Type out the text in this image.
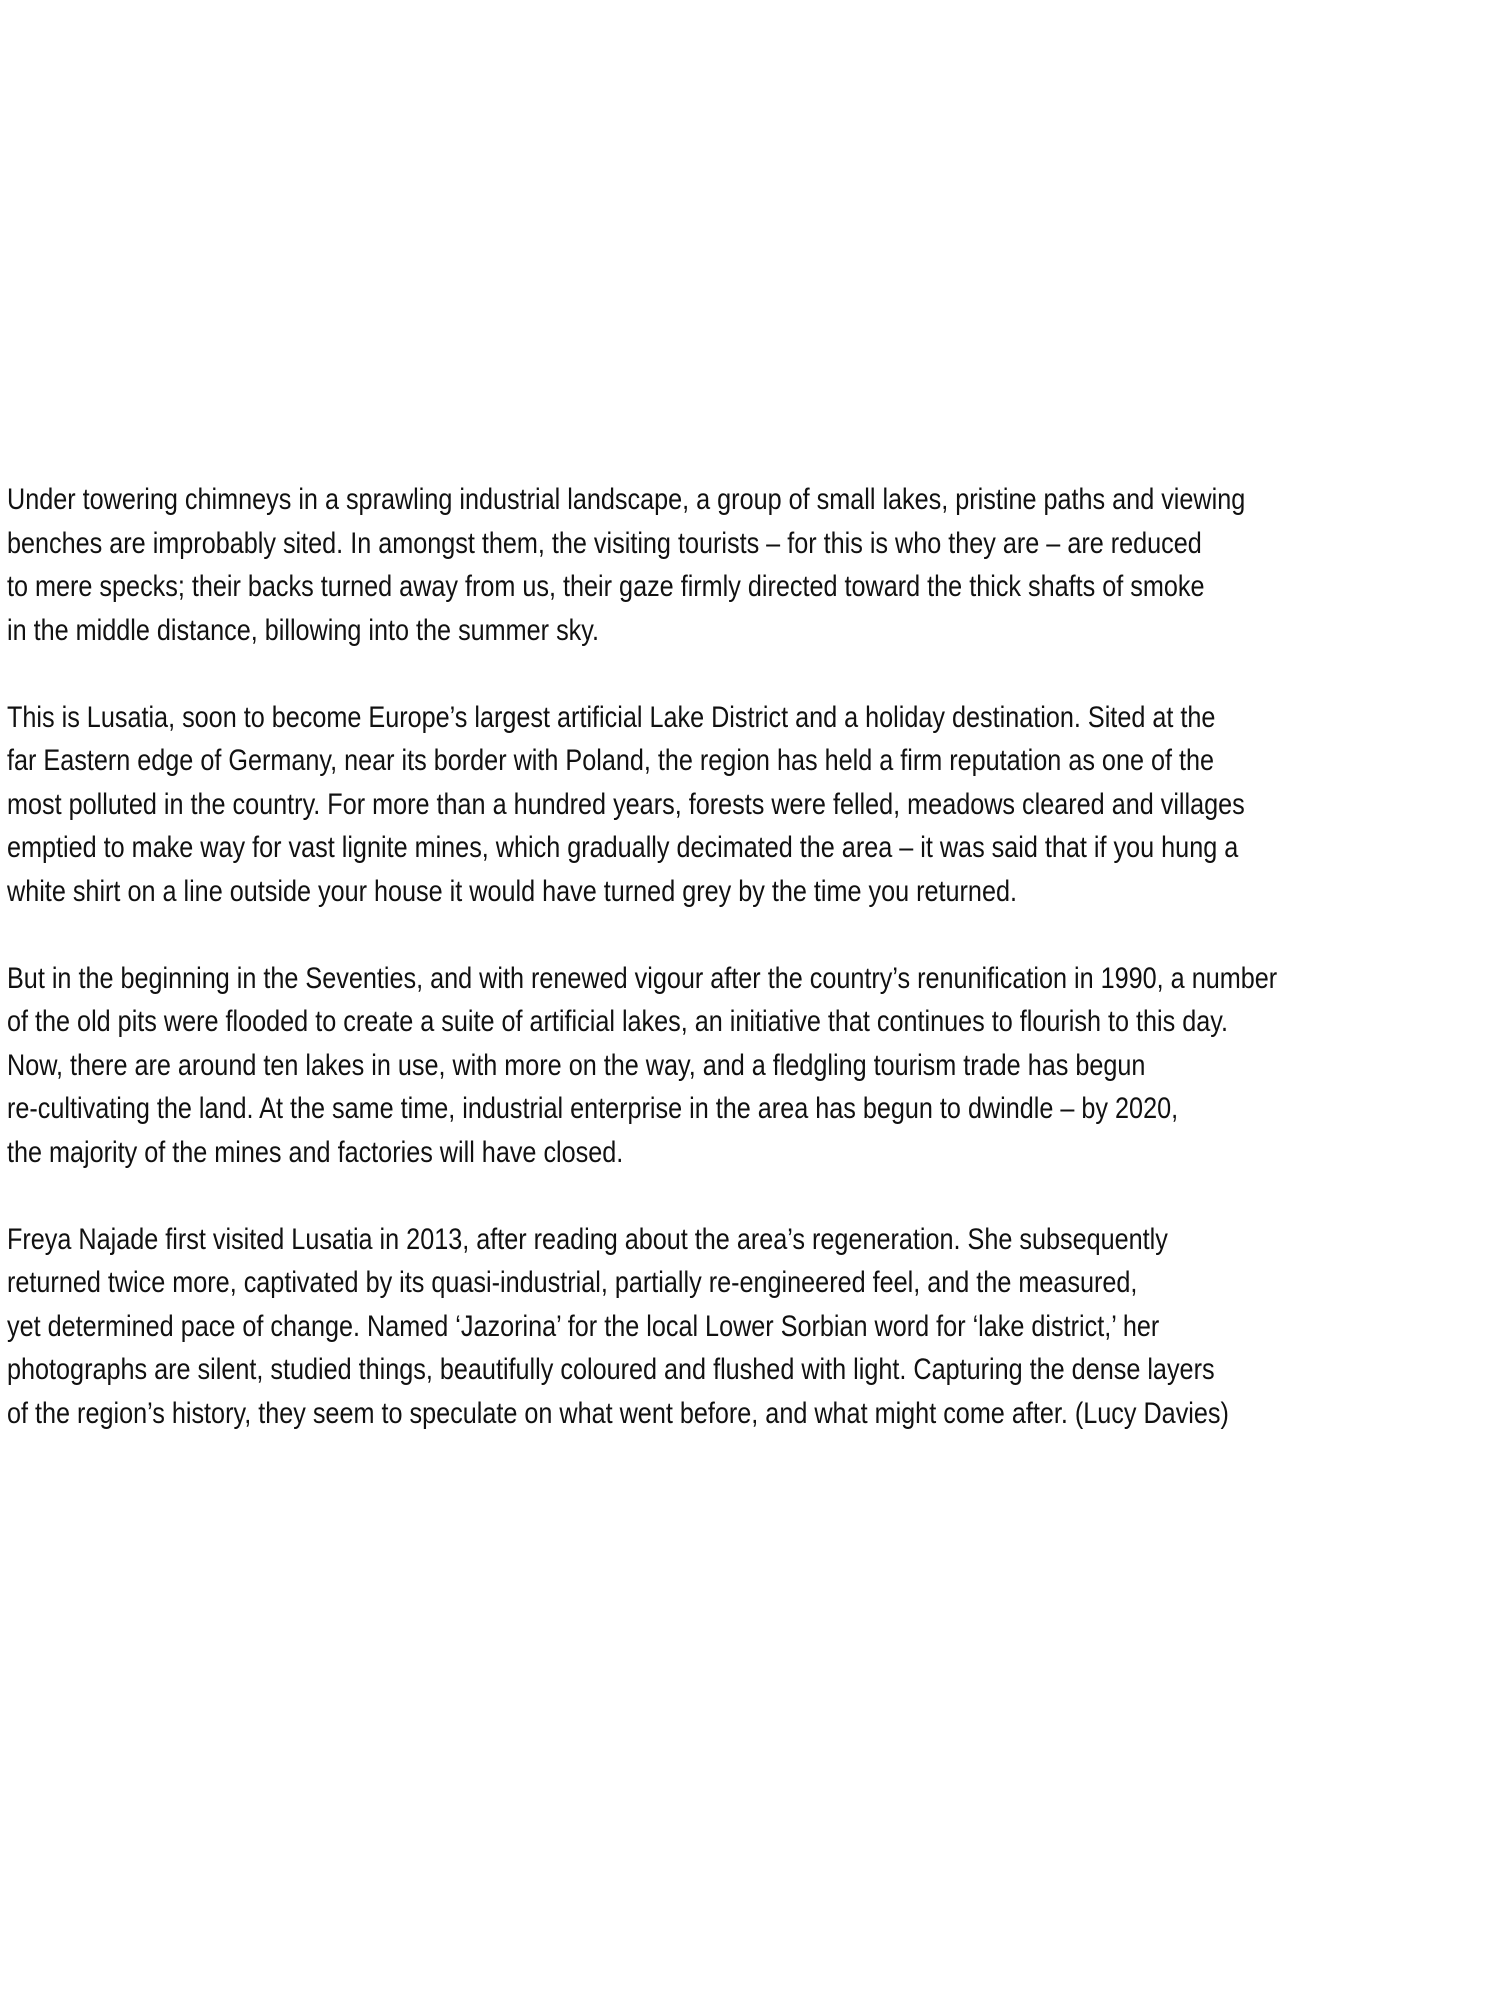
Under towering chimneys in a sprawling industrial landscape, a group of small lakes, pristine paths and viewing
benches are improbably sited. In amongst them, the visiting tourists – for this is who they are – are reduced
to mere specks; their backs turned away from us, their gaze firmly directed toward the thick shafts of smoke
in the middle distance, billowing into the summer sky.

This is Lusatia, soon to become Europe’s largest artificial Lake District and a holiday destination. Sited at the
far Eastern edge of Germany, near its border with Poland, the region has held a firm reputation as one of the
most polluted in the country. For more than a hundred years, forests were felled, meadows cleared and villages
emptied to make way for vast lignite mines, which gradually decimated the area – it was said that if you hung a
white shirt on a line outside your house it would have turned grey by the time you returned.

But in the beginning in the Seventies, and with renewed vigour after the country’s renunification in 1990, a number
of the old pits were flooded to create a suite of artificial lakes, an initiative that continues to flourish to this day.
Now, there are around ten lakes in use, with more on the way, and a fledgling tourism trade has begun
re-cultivating the land. At the same time, industrial enterprise in the area has begun to dwindle – by 2020,
the majority of the mines and factories will have closed.

Freya Najade first visited Lusatia in 2013, after reading about the area’s regeneration. She subsequently
returned twice more, captivated by its quasi-industrial, partially re-engineered feel, and the measured,
yet determined pace of change. Named ‘Jazorina’ for the local Lower Sorbian word for ‘lake district,’ her
photographs are silent, studied things, beautifully coloured and flushed with light. Capturing the dense layers
of the region’s history, they seem to speculate on what went before, and what might come after. (Lucy Davies)
